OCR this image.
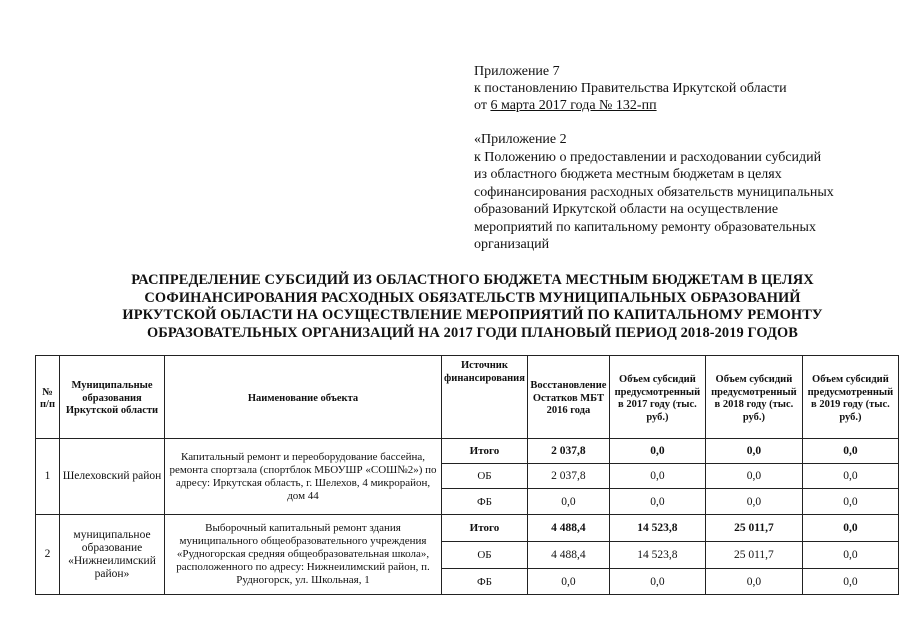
Приложение 7
к постановлению Правительства Иркутской области
от 6 марта 2017 года № 132-пп
«Приложение 2
к Положению о предоставлении и расходовании субсидий
из областного бюджета местным бюджетам в целях
софинансирования расходных обязательств муниципальных
образований Иркутской области на осуществление
мероприятий по капитальному ремонту образовательных
организаций
РАСПРЕДЕЛЕНИЕ СУБСИДИЙ ИЗ ОБЛАСТНОГО БЮДЖЕТА МЕСТНЫМ БЮДЖЕТАМ В ЦЕЛЯХ
СОФИНАНСИРОВАНИЯ РАСХОДНЫХ ОБЯЗАТЕЛЬСТВ МУНИЦИПАЛЬНЫХ ОБРАЗОВАНИЙ
ИРКУТСКОЙ ОБЛАСТИ НА ОСУЩЕСТВЛЕНИЕ МЕРОПРИЯТИЙ ПО КАПИТАЛЬНОМУ РЕМОНТУ
ОБРАЗОВАТЕЛЬНЫХ ОРГАНИЗАЦИЙ НА 2017 ГОДИ ПЛАНОВЫЙ ПЕРИОД 2018-2019 ГОДОВ
№ п/п	Муниципальные образования Иркутской области	Наименование объекта	Источник финансирования	Восстановление Остатков МБТ 2016 года	Объем субсидий предусмотренный в 2017 году (тыс. руб.)	Объем субсидий предусмотренный в 2018 году (тыс. руб.)	Объем субсидий предусмотренный в 2019 году (тыс. руб.)
1	Шелеховский район	Капитальный ремонт и переоборудование бассейна, ремонта спортзала (спортблок МБОУШР «СОШ№2») по адресу: Иркутская область, г. Шелехов, 4 микрорайон, дом 44	Итого	2 037,8	0,0	0,0	0,0
			ОБ	2 037,8	0,0	0,0	0,0
			ФБ	0,0	0,0	0,0	0,0
2	муниципальное образование «Нижнеилимский район»	Выборочный капитальный ремонт здания муниципального общеобразовательного учреждения «Рудногорская средняя общеобразовательная школа», расположенного по адресу: Нижнеилимский район, п. Рудногорск, ул. Школьная, 1	Итого	4 488,4	14 523,8	25 011,7	0,0
			ОБ	4 488,4	14 523,8	25 011,7	0,0
			ФБ	0,0	0,0	0,0	0,0
